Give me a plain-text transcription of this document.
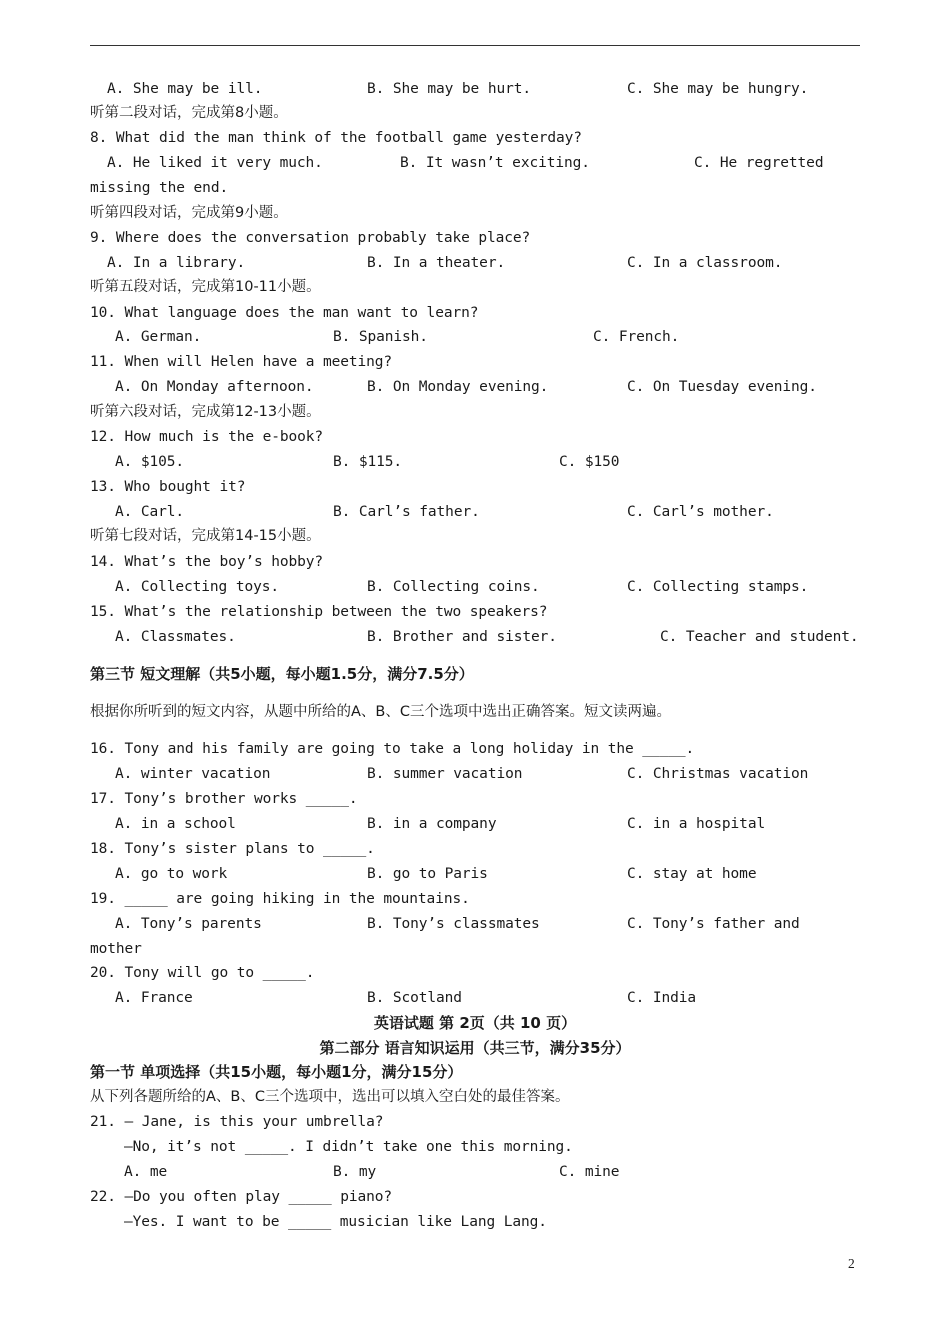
A. She may be ill.	B. She may be hurt.	C. She may be hungry.
听第二段对话，完成第8小题。
8. What did the man think of the football game yesterday?
A. He liked it very much.	B. It wasn’t exciting.	C. He regretted
missing the end.
听第四段对话，完成第9小题。
9. Where does the conversation probably take place?
A. In a library.	B. In a theater.	C. In a classroom.
听第五段对话，完成第10-11小题。
10. What language does the man want to learn?
A. German.	B. Spanish.	C. French.
11. When will Helen have a meeting?
A. On Monday afternoon.	B. On Monday evening.	C. On Tuesday evening.
听第六段对话，完成第12-13小题。
12. How much is the e-book?
A. $105.	B. $115.	C. $150
13. Who bought it?
A. Carl.	B. Carl’s father.	C. Carl’s mother.
听第七段对话，完成第14-15小题。
14. What’s the boy’s hobby?
A. Collecting toys.	B. Collecting coins.	C. Collecting stamps.
15. What’s the relationship between the two speakers?
A. Classmates.	B. Brother and sister.	C. Teacher and student.
第三节 短文理解（共5小题，每小题1.5分，满分7.5分）
根据你所听到的短文内容，从题中所给的A、B、C三个选项中选出正确答案。短文读两遍。
16. Tony and his family are going to take a long holiday in the _____.
A. winter vacation	B. summer vacation	C. Christmas vacation
17. Tony’s brother works _____.
A. in a school	B. in a company	C. in a hospital
18. Tony’s sister plans to _____.
A. go to work	B. go to Paris	C. stay at home
19. _____ are going hiking in the mountains.
A. Tony’s parents	B. Tony’s classmates	C. Tony’s father and
mother
20. Tony will go to _____.
A. France	B. Scotland	C. India
英语试题 第 2页（共 10 页）
第二部分 语言知识运用（共三节，满分35分）
第一节 单项选择（共15小题，每小题1分，满分15分）
从下列各题所给的A、B、C三个选项中，选出可以填入空白处的最佳答案。
21. — Jane, is this your umbrella?
—No, it’s not _____. I didn’t take one this morning.
A. me	B. my	C. mine
22. —Do you often play _____ piano?
—Yes. I want to be _____ musician like Lang Lang.
2
